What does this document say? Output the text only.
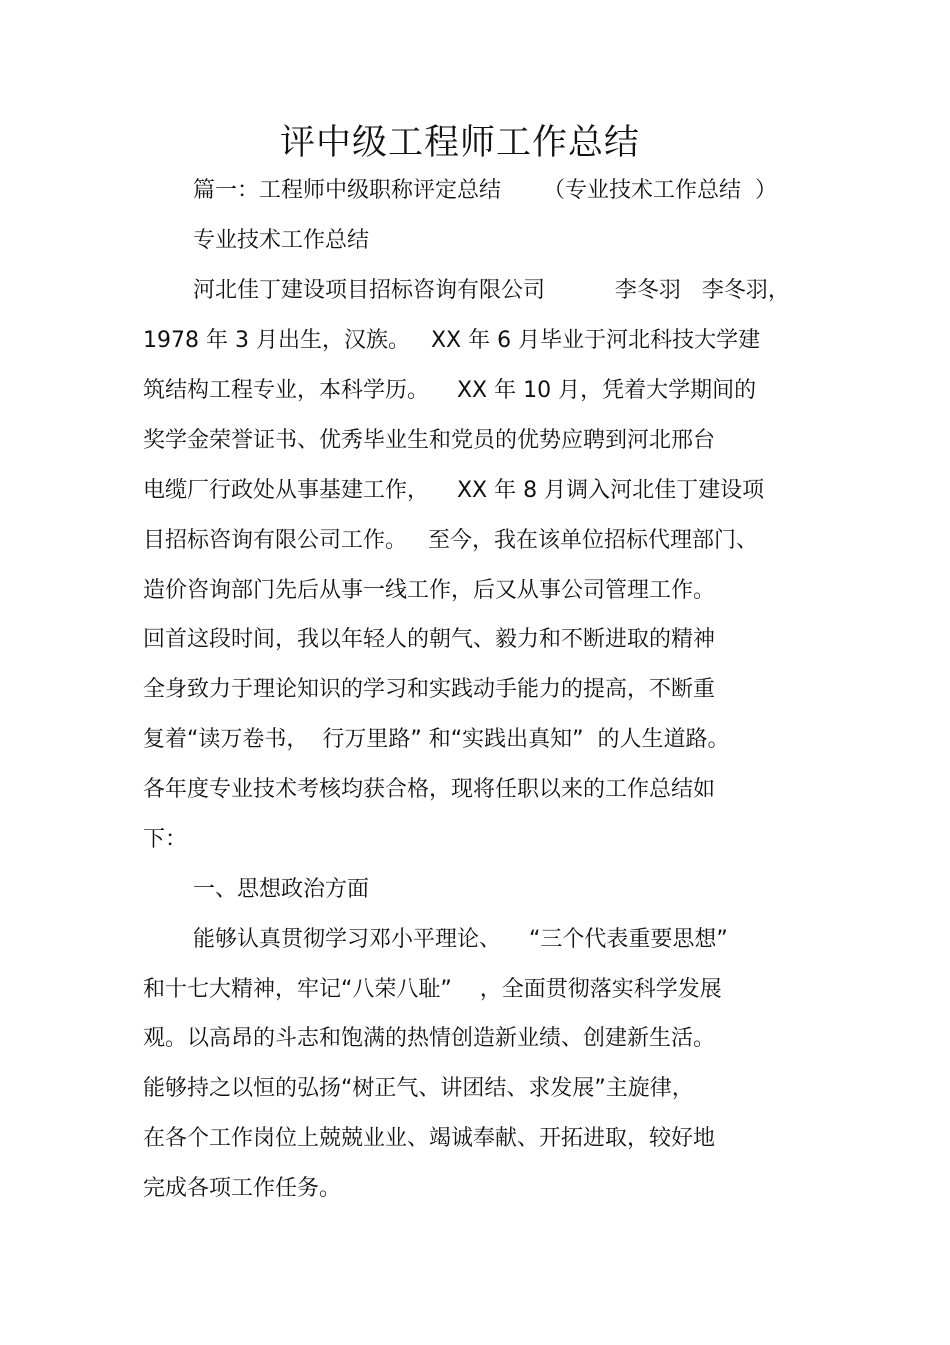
评中级工程师工作总结
篇一：工程师中级职称评定总结      （专业技术工作总结  ）
专业技术工作总结
河北佳丁建设项目招标咨询有限公司          李冬羽   李冬羽，
1978 年 3 月出生，汉族。   XX 年 6 月毕业于河北科技大学建
筑结构工程专业，本科学历。    XX 年 10 月，凭着大学期间的
奖学金荣誉证书、优秀毕业生和党员的优势应聘到河北邢台
电缆厂行政处从事基建工作，    XX 年 8 月调入河北佳丁建设项
目招标咨询有限公司工作。   至今，我在该单位招标代理部门、
造价咨询部门先后从事一线工作，后又从事公司管理工作。
回首这段时间，我以年轻人的朝气、毅力和不断进取的精神
全身致力于理论知识的学习和实践动手能力的提高，不断重
复着“读万卷书，  行万里路” 和“实践出真知”  的人生道路。
各年度专业技术考核均获合格，现将任职以来的工作总结如
下：
一、思想政治方面
能够认真贯彻学习邓小平理论、    “三个代表重要思想”
和十七大精神，牢记“八荣八耻”    ，全面贯彻落实科学发展
观。以高昂的斗志和饱满的热情创造新业绩、创建新生活。
能够持之以恒的弘扬“树正气、讲团结、求发展”主旋律，
在各个工作岗位上兢兢业业、竭诚奉献、开拓进取，较好地
完成各项工作任务。
